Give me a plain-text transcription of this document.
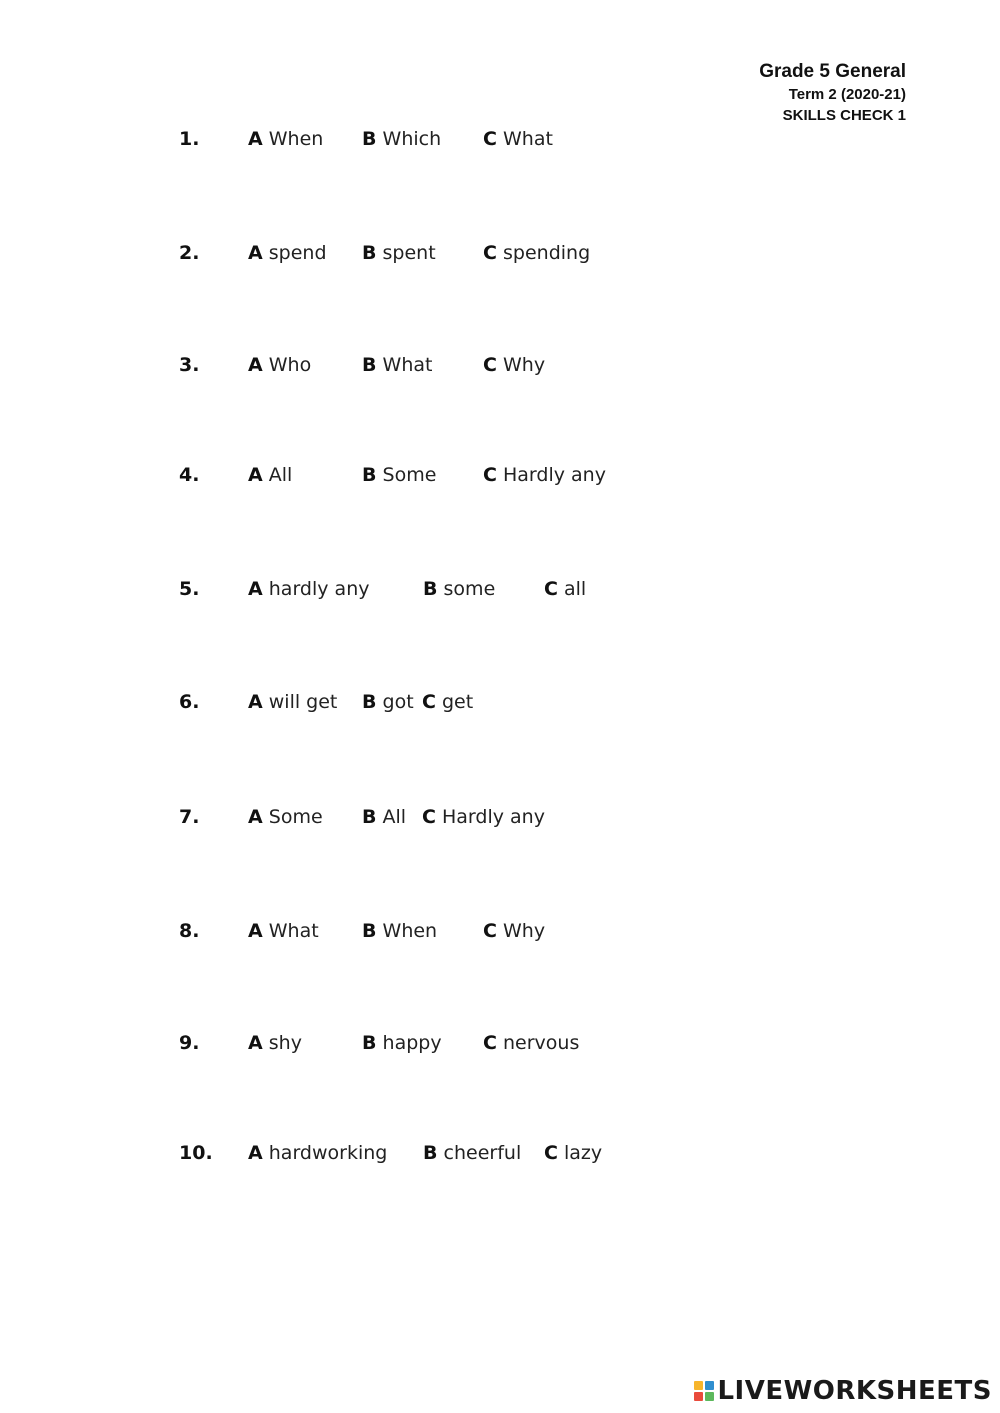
Grade 5 General
Term 2 (2020-21)
SKILLS CHECK 1
1.	A When B Which C What
2.	A spend B spent C spending
3.	A Who	B What	C Why
4.	A All	B Some C Hardly any
5.	A hardly any	B some	C all
6.	A will get B got C get
7.	A Some B All C Hardly any
8.	A What B When C Why
9.	A shy	B happy C nervous
10. A hardworking B cheerful C lazy
LIVEWORKSHEETS
